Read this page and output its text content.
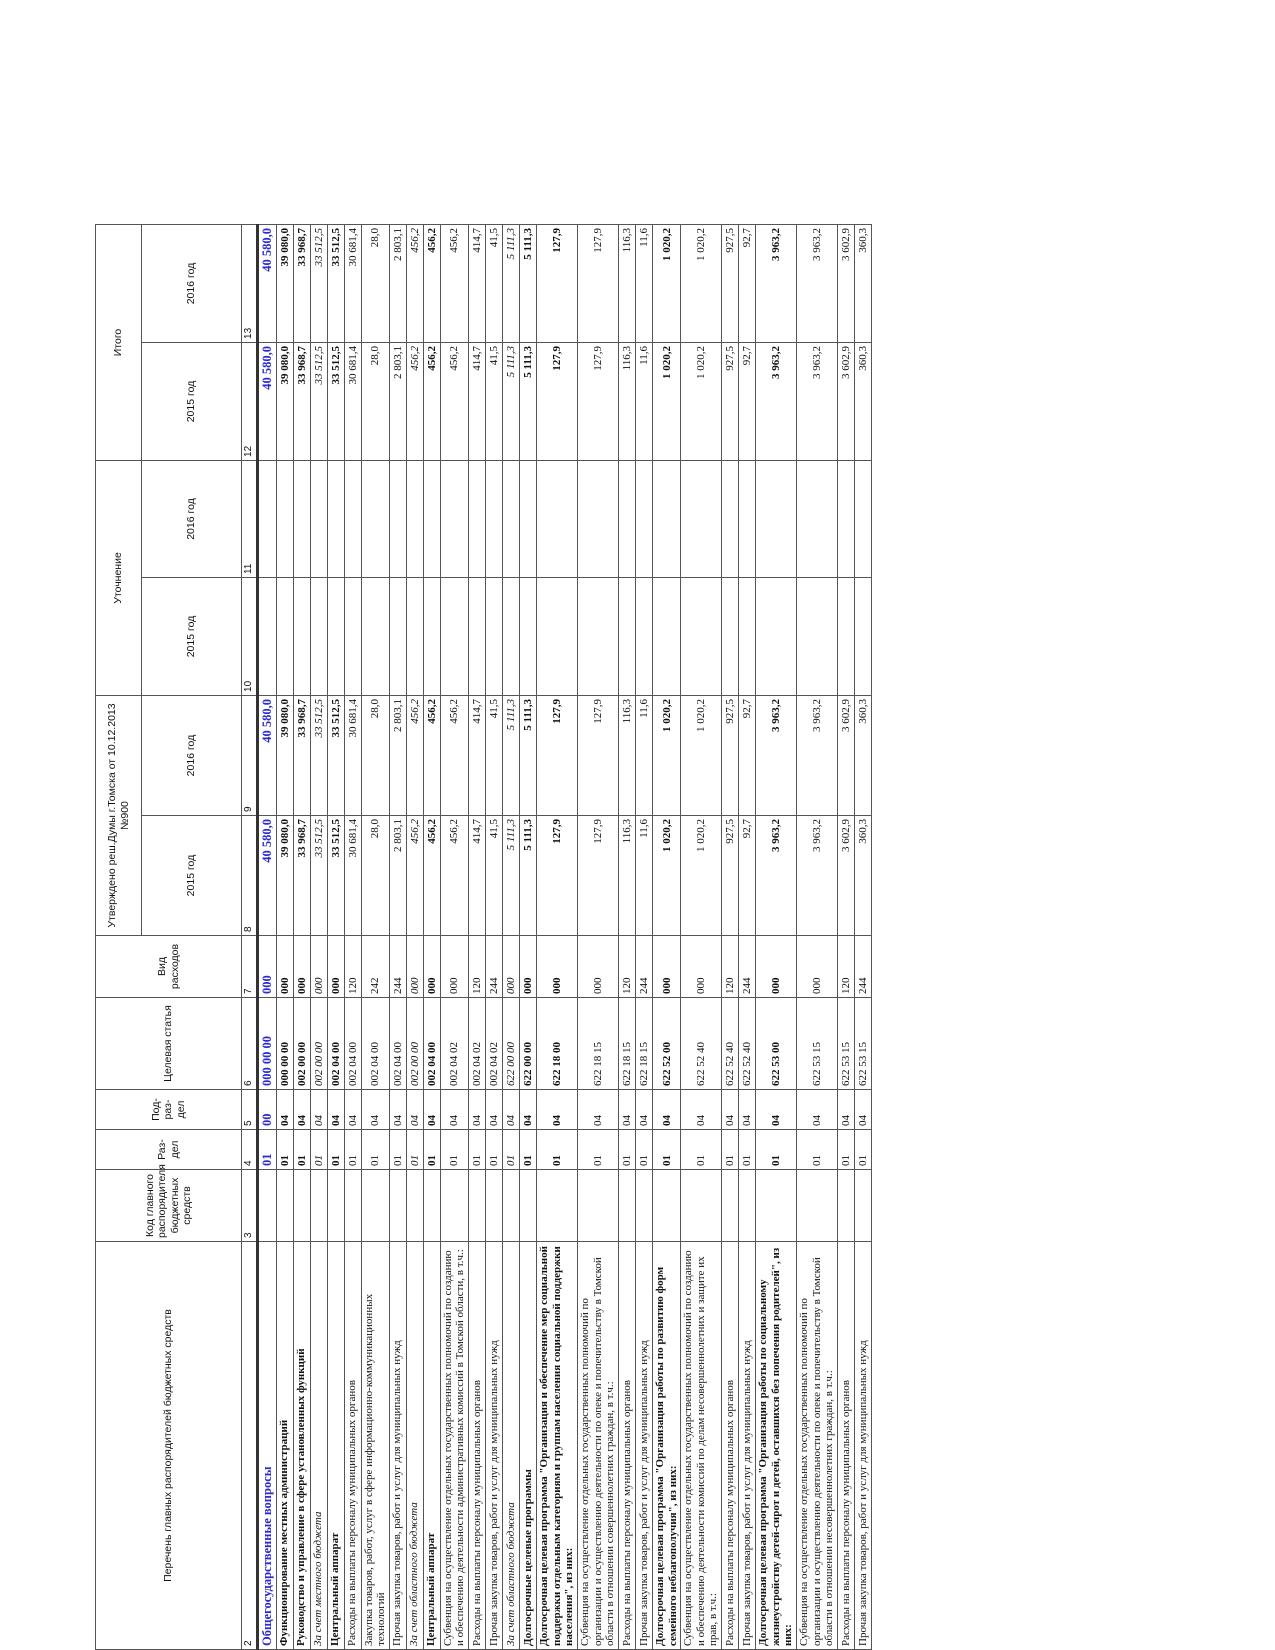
Перечень главных распорядителей бюджетных средств	Код главного распорядителя бюджетных средств	Раз-дел	Под-раз-дел	Целевая статья	Вид расходов	Утверждено реш.Думы г.Томска от 10.12.2013 №900		Уточнение		Итого	
						2015 год	2016 год	2015 год	2016 год	2015 год	2016 год
2	3	4	5	6	7	8	9	10	11	12	13
Общегосударственные вопросы		01	00	000 00 00	000	40 580,0	40 580,0			40 580,0	40 580,0
Функционирование местных администраций		01	04	000 00 00	000	39 080,0	39 080,0			39 080,0	39 080,0
Руководство и управление в сфере установленных функций		01	04	002 00 00	000	33 968,7	33 968,7			33 968,7	33 968,7
За счет местного бюджета		01	04	002 00 00	000	33 512,5	33 512,5			33 512,5	33 512,5
Центральный аппарат		01	04	002 04 00	000	33 512,5	33 512,5			33 512,5	33 512,5
Расходы на выплаты персоналу муниципальных органов		01	04	002 04 00	120	30 681,4	30 681,4			30 681,4	30 681,4
Закупка товаров, работ, услуг в сфере информационно-коммуникационных технологий		01	04	002 04 00	242	28,0	28,0			28,0	28,0
Прочая закупка товаров, работ и услуг для муниципальных нужд		01	04	002 04 00	244	2 803,1	2 803,1			2 803,1	2 803,1
За счет областного бюджета		01	04	002 00 00	000	456,2	456,2			456,2	456,2
Центральный аппарат		01	04	002 04 00	000	456,2	456,2			456,2	456,2
Субвенция на осуществление отдельных государственных полномочий по созданию и обеспечению деятельности административных комиссий в Томской области, в т.ч.:		01	04	002 04 02	000	456,2	456,2			456,2	456,2
Расходы на выплаты персоналу муниципальных органов		01	04	002 04 02	120	414,7	414,7			414,7	414,7
Прочая закупка товаров, работ и услуг для муниципальных нужд		01	04	002 04 02	244	41,5	41,5			41,5	41,5
За счет областного бюджета		01	04	622 00 00	000	5 111,3	5 111,3			5 111,3	5 111,3
Долгосрочные целевые программы		01	04	622 00 00	000	5 111,3	5 111,3			5 111,3	5 111,3
Долгосрочная целевая программа "Организация и обеспечение мер социальной поддержки отдельным категориям и группам населения социальной поддержки населения", из них:		01	04	622 18 00	000	127,9	127,9			127,9	127,9
Субвенция на осуществление отдельных государственных полномочий по организации и осуществлению деятельности по опеке и попечительству в Томской области в отношении совершеннолетних граждан, в т.ч.:		01	04	622 18 15	000	127,9	127,9			127,9	127,9
Расходы на выплаты персоналу муниципальных органов		01	04	622 18 15	120	116,3	116,3			116,3	116,3
Прочая закупка товаров, работ и услуг для муниципальных нужд		01	04	622 18 15	244	11,6	11,6			11,6	11,6
Долгосрочная целевая программа "Организация работы по развитию форм семейного неблагополучия", из них:		01	04	622 52 00	000	1 020,2	1 020,2			1 020,2	1 020,2
Субвенция на осуществление отдельных государственных полномочий по созданию и обеспечению деятельности комиссий по делам несовершеннолетних и защите их прав, в т.ч.:		01	04	622 52 40	000	1 020,2	1 020,2			1 020,2	1 020,2
Расходы на выплаты персоналу муниципальных органов		01	04	622 52 40	120	927,5	927,5			927,5	927,5
Прочая закупка товаров, работ и услуг для муниципальных нужд		01	04	622 52 40	244	92,7	92,7			92,7	92,7
Долгосрочная целевая программа "Организация работы по социальному жизнеустройству детей-сирот и детей, оставшихся без попечения родителей", из них:		01	04	622 53 00	000	3 963,2	3 963,2			3 963,2	3 963,2
Субвенция на осуществление отдельных государственных полномочий по организации и осуществлению деятельности по опеке и попечительству в Томской области в отношении несовершеннолетних граждан, в т.ч.:		01	04	622 53 15	000	3 963,2	3 963,2			3 963,2	3 963,2
Расходы на выплаты персоналу муниципальных органов		01	04	622 53 15	120	3 602,9	3 602,9			3 602,9	3 602,9
Прочая закупка товаров, работ и услуг для муниципальных нужд		01	04	622 53 15	244	360,3	360,3			360,3	360,3
